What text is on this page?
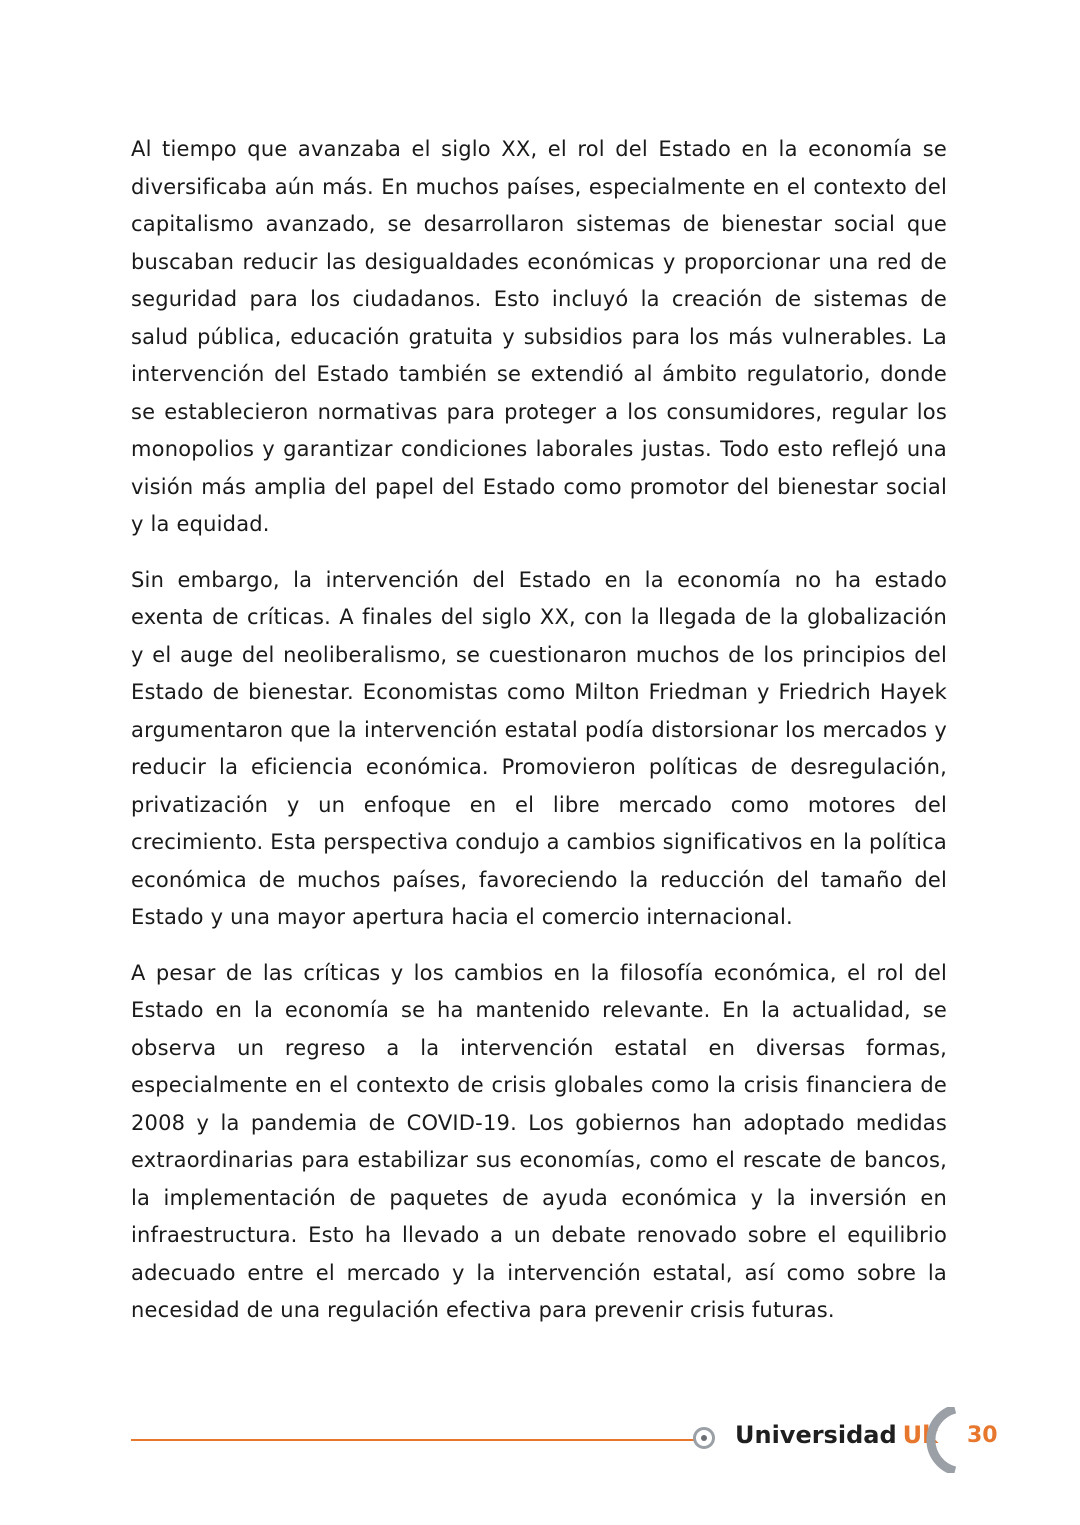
Al tiempo que avanzaba el siglo XX, el rol del Estado en la economía se diversificaba aún más. En muchos países, especialmente en el contexto del capitalismo avanzado, se desarrollaron sistemas de bienestar social que buscaban reducir las desigualdades económicas y proporcionar una red de seguridad para los ciudadanos. Esto incluyó la creación de sistemas de salud pública, educación gratuita y subsidios para los más vulnerables. La intervención del Estado también se extendió al ámbito regulatorio, donde se establecieron normativas para proteger a los consumidores, regular los monopolios y garantizar condiciones laborales justas. Todo esto reflejó una visión más amplia del papel del Estado como promotor del bienestar social y la equidad.

Sin embargo, la intervención del Estado en la economía no ha estado exenta de críticas. A finales del siglo XX, con la llegada de la globalización y el auge del neoliberalismo, se cuestionaron muchos de los principios del Estado de bienestar. Economistas como Milton Friedman y Friedrich Hayek argumentaron que la intervención estatal podía distorsionar los mercados y reducir la eficiencia económica. Promovieron políticas de desregulación, privatización y un enfoque en el libre mercado como motores del crecimiento. Esta perspectiva condujo a cambios significativos en la política económica de muchos países, favoreciendo la reducción del tamaño del Estado y una mayor apertura hacia el comercio internacional.

A pesar de las críticas y los cambios en la filosofía económica, el rol del Estado en la economía se ha mantenido relevante. En la actualidad, se observa un regreso a la intervención estatal en diversas formas, especialmente en el contexto de crisis globales como la crisis financiera de 2008 y la pandemia de COVID-19. Los gobiernos han adoptado medidas extraordinarias para estabilizar sus economías, como el rescate de bancos, la implementación de paquetes de ayuda económica y la inversión en infraestructura. Esto ha llevado a un debate renovado sobre el equilibrio adecuado entre el mercado y la intervención estatal, así como sobre la necesidad de una regulación efectiva para prevenir crisis futuras.

Universidad Uk 30
